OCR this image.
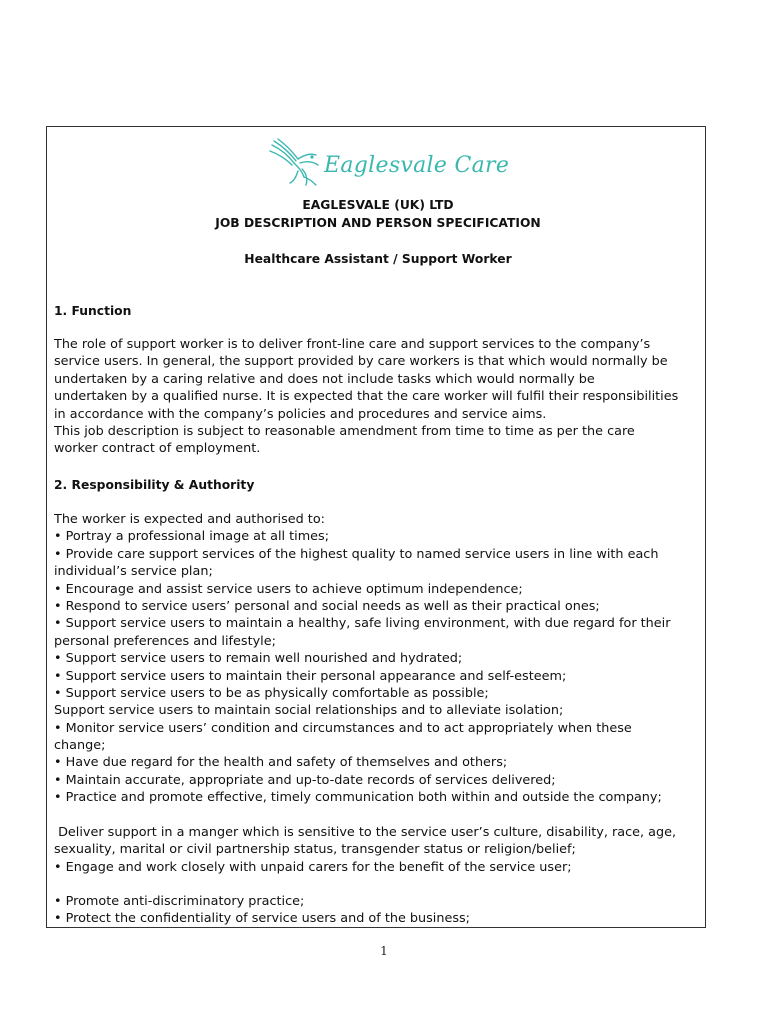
Eaglesvale Care
EAGLESVALE (UK) LTD
JOB DESCRIPTION AND PERSON SPECIFICATION
Healthcare Assistant / Support Worker
1. Function
The role of support worker is to deliver front-line care and support services to the company’s
service users. In general, the support provided by care workers is that which would normally be
undertaken by a caring relative and does not include tasks which would normally be
undertaken by a qualified nurse. It is expected that the care worker will fulfil their responsibilities
in accordance with the company’s policies and procedures and service aims.
This job description is subject to reasonable amendment from time to time as per the care
worker contract of employment.
2. Responsibility & Authority
The worker is expected and authorised to:
• Portray a professional image at all times;
• Provide care support services of the highest quality to named service users in line with each
individual’s service plan;
• Encourage and assist service users to achieve optimum independence;
• Respond to service users’ personal and social needs as well as their practical ones;
• Support service users to maintain a healthy, safe living environment, with due regard for their
personal preferences and lifestyle;
• Support service users to remain well nourished and hydrated;
• Support service users to maintain their personal appearance and self-esteem;
• Support service users to be as physically comfortable as possible;
Support service users to maintain social relationships and to alleviate isolation;
• Monitor service users’ condition and circumstances and to act appropriately when these
change;
• Have due regard for the health and safety of themselves and others;
• Maintain accurate, appropriate and up-to-date records of services delivered;
• Practice and promote effective, timely communication both within and outside the company;
Deliver support in a manger which is sensitive to the service user’s culture, disability, race, age,
sexuality, marital or civil partnership status, transgender status or religion/belief;
• Engage and work closely with unpaid carers for the benefit of the service user;
• Promote anti-discriminatory practice;
• Protect the confidentiality of service users and of the business;
1
